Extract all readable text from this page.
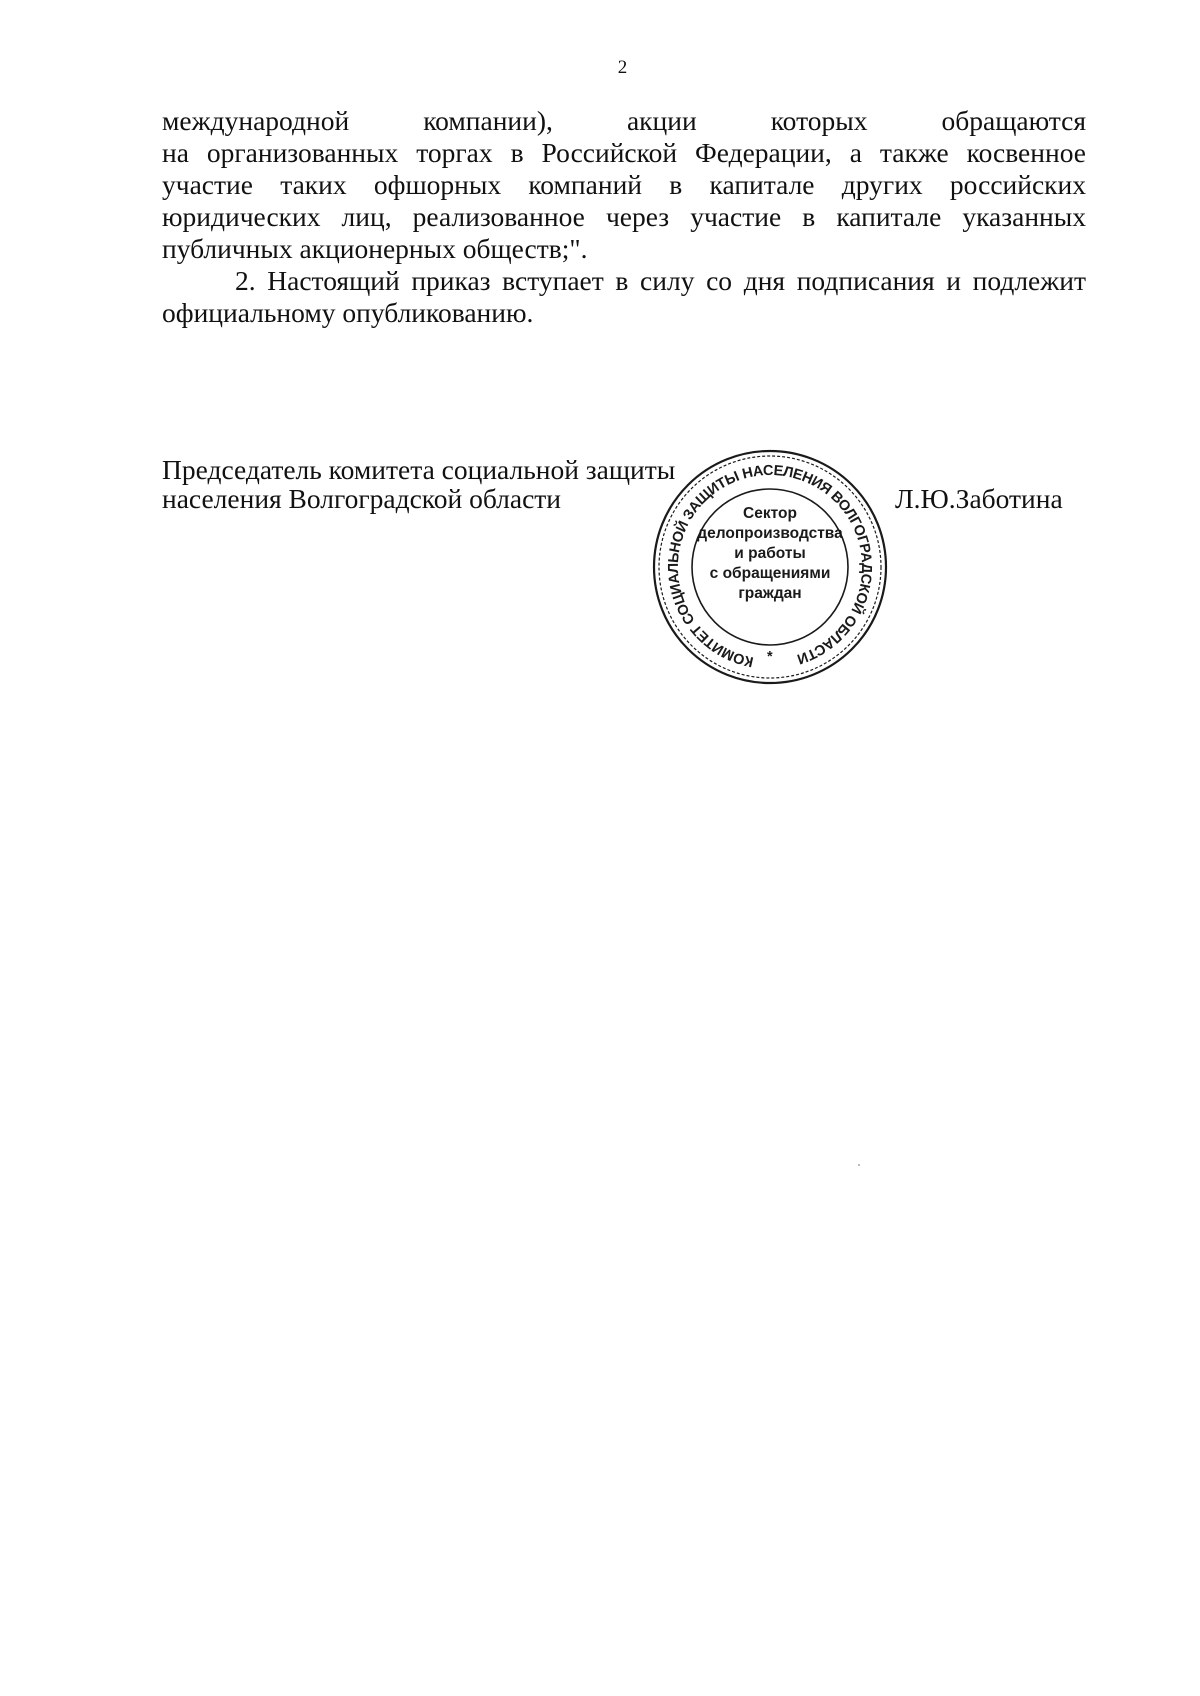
2
международной	компании),	акции	которых	обращаются

на организованных торгах в Российской Федерации, а также косвенное участие таких офшорных компаний в капитале других российских юридических лиц, реализованное через участие в капитале указанных публичных акционерных обществ;".

2. Настоящий приказ вступает в силу со дня подписания и подлежит официальному опубликованию.

Председатель комитета социальной защиты
населения Волгоградской области	Л.Ю.Заботина
КОМИТЕТ СОЦИАЛЬНОЙ ЗАЩИТЫ НАСЕЛЕНИЯ ВОЛГОГРАДСКОЙ ОБЛАСТИ
*
Сектор
делопроизводства
и работы
с обращениями
граждан
